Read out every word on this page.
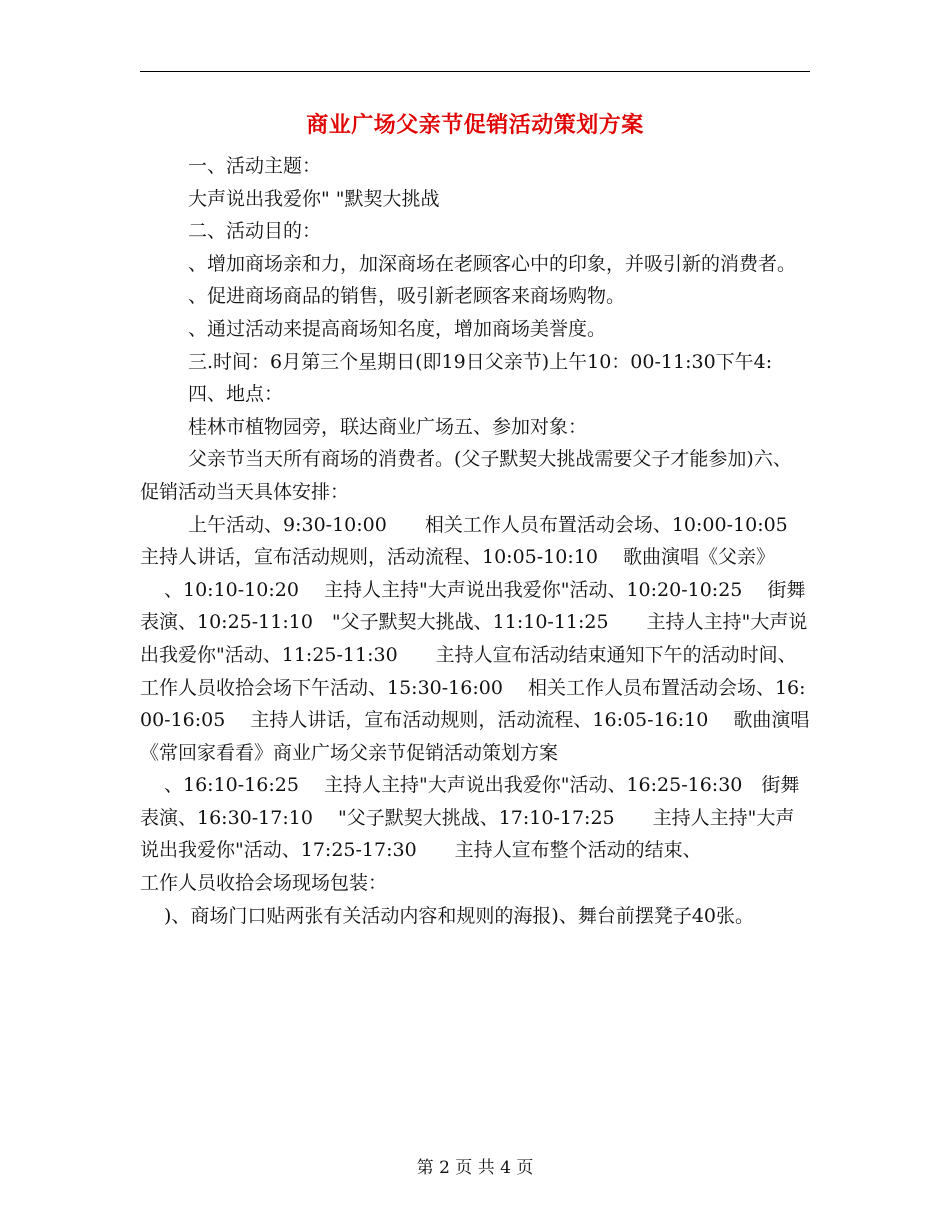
商业广场父亲节促销活动策划方案

一、活动主题：

大声说出我爱你" "默契大挑战

二、活动目的：

、增加商场亲和力，加深商场在老顾客心中的印象，并吸引新的消费者。

、促进商场商品的销售，吸引新老顾客来商场购物。

、通过活动来提高商场知名度，增加商场美誉度。

三.时间：6月第三个星期日(即19日父亲节)上午10：00-11:30下午4:

四、地点：

桂林市植物园旁，联达商业广场五、参加对象：

父亲节当天所有商场的消费者。(父子默契大挑战需要父子才能参加)六、促销活动当天具体安排：

上午活动、9:30-10:00　　相关工作人员布置活动会场、10:00-10:05　 主持人讲话，宣布活动规则，活动流程、10:05-10:10　 歌曲演唱《父亲》

、10:10-10:20　 主持人主持"大声说出我爱你"活动、10:20-10:25　 街舞表演、10:25-11:10　"父子默契大挑战、11:10-11:25　　主持人主持"大声说出我爱你"活动、11:25-11:30　　主持人宣布活动结束通知下午的活动时间、　　　　　　工作人员收拾会场下午活动、15:30-16:00　 相关工作人员布置活动会场、16:00-16:05　 主持人讲话，宣布活动规则，活动流程、16:05-16:10　 歌曲演唱《常回家看看》商业广场父亲节促销活动策划方案

、16:10-16:25　 主持人主持"大声说出我爱你"活动、16:25-16:30　街舞表演、16:30-17:10　 "父子默契大挑战、17:10-17:25　　主持人主持"大声说出我爱你"活动、17:25-17:30　　主持人宣布整个活动的结束、　　　　　　 工作人员收拾会场现场包装：

)、商场门口贴两张有关活动内容和规则的海报)、舞台前摆凳子40张。

第 2 页 共 4 页
